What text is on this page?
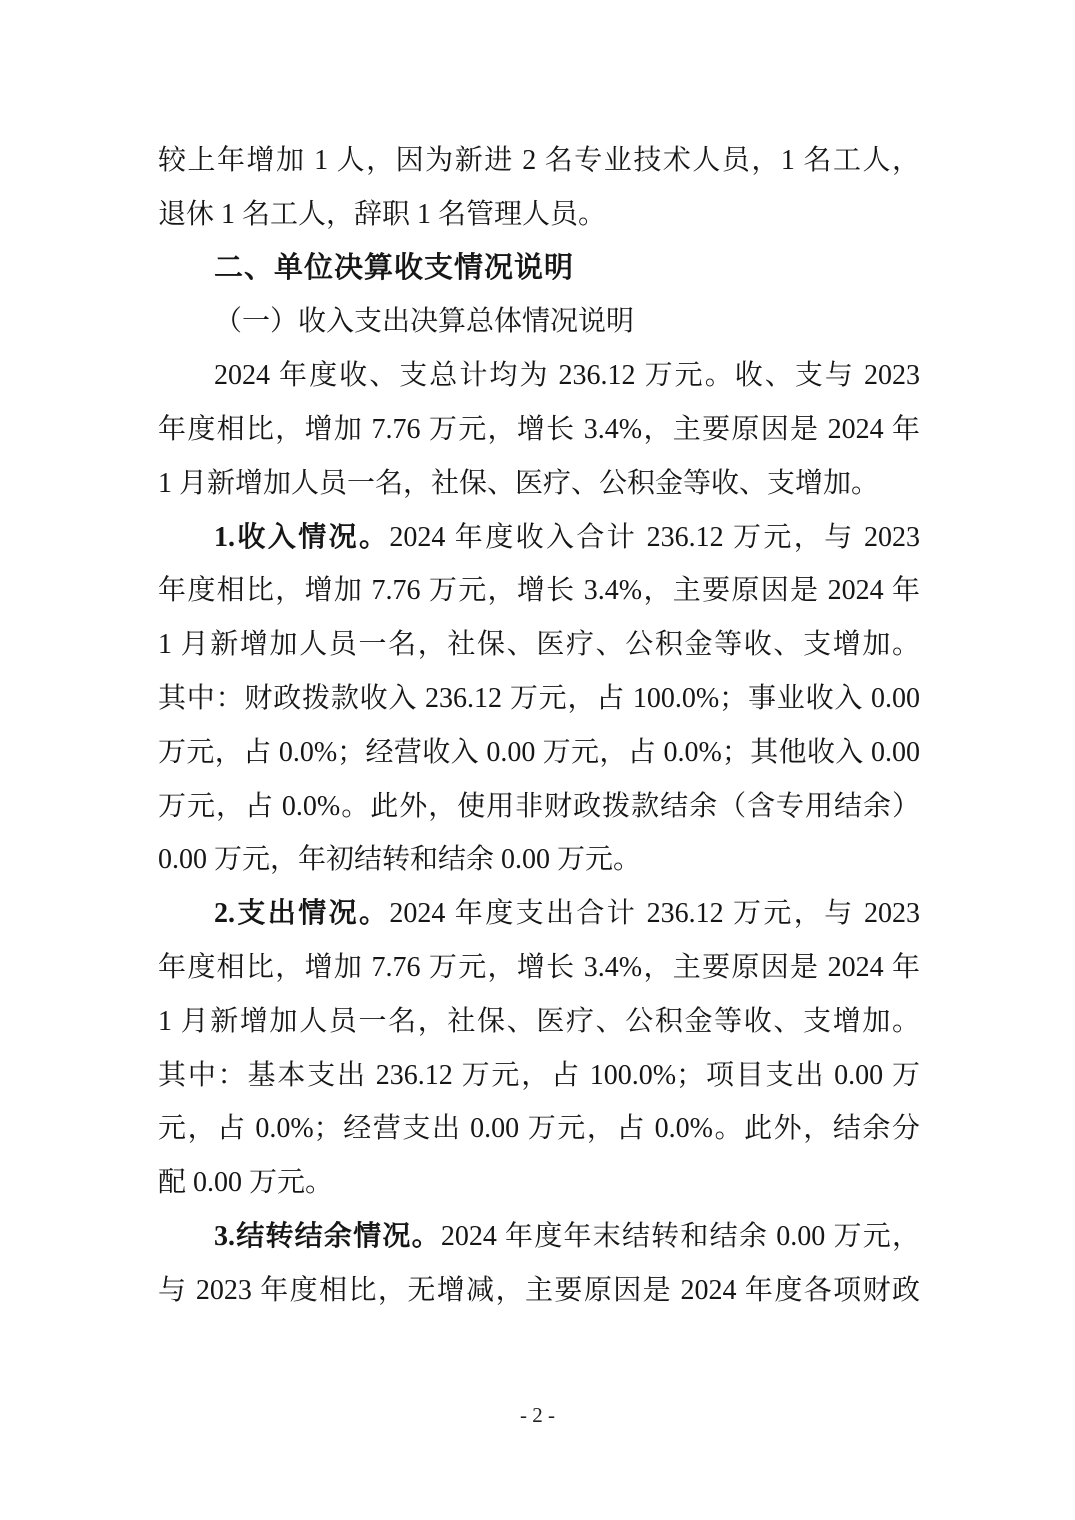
较上年增加 1 人，因为新进 2 名专业技术人员，1 名工人，
退休 1 名工人，辞职 1 名管理人员。
二、单位决算收支情况说明
（一）收入支出决算总体情况说明
2024 年度收、支总计均为 236.12 万元。收、支与 2023
年度相比，增加 7.76 万元，增长 3.4%，主要原因是 2024 年
1 月新增加人员一名，社保、医疗、公积金等收、支增加。
1.收入情况。2024 年度收入合计 236.12 万元，与 2023
年度相比，增加 7.76 万元，增长 3.4%，主要原因是 2024 年
1 月新增加人员一名，社保、医疗、公积金等收、支增加。
其中：财政拨款收入 236.12 万元，占 100.0%；事业收入 0.00
万元，占 0.0%；经营收入 0.00 万元，占 0.0%；其他收入 0.00
万元，占 0.0%。此外，使用非财政拨款结余（含专用结余）
0.00 万元，年初结转和结余 0.00 万元。
2.支出情况。2024 年度支出合计 236.12 万元，与 2023
年度相比，增加 7.76 万元，增长 3.4%，主要原因是 2024 年
1 月新增加人员一名，社保、医疗、公积金等收、支增加。
其中：基本支出 236.12 万元，占 100.0%；项目支出 0.00 万
元，占 0.0%；经营支出 0.00 万元，占 0.0%。此外，结余分
配 0.00 万元。
3.结转结余情况。2024 年度年末结转和结余 0.00 万元，
与 2023 年度相比，无增减，主要原因是 2024 年度各项财政
- 2 -
